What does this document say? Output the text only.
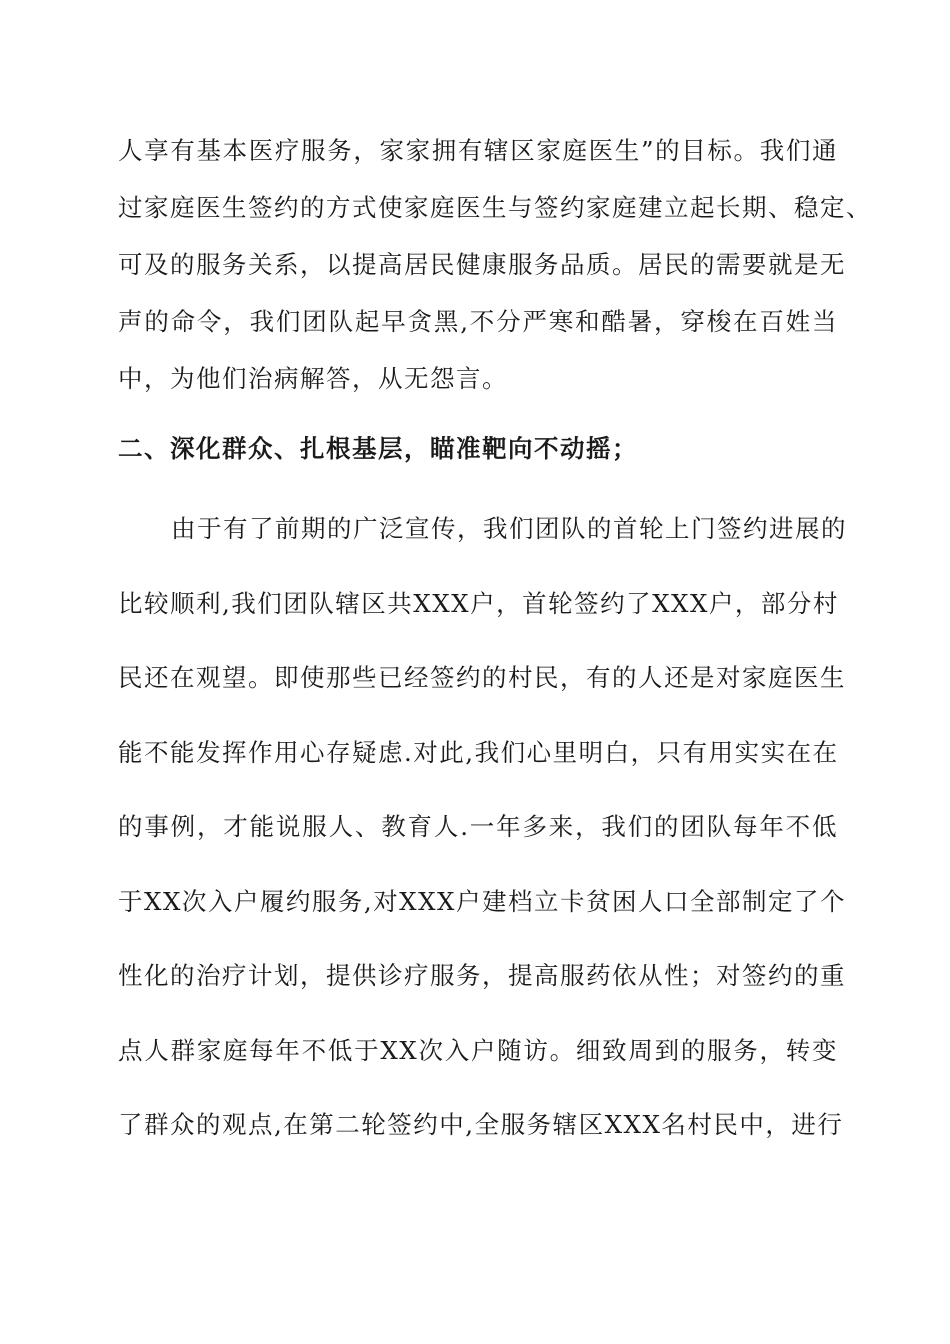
人享有基本医疗服务，家家拥有辖区家庭医生”的目标。我们通
过家庭医生签约的方式使家庭医生与签约家庭建立起长期、稳定、
可及的服务关系，以提高居民健康服务品质。居民的需要就是无
声的命令，我们团队起早贪黑,不分严寒和酷暑，穿梭在百姓当
中，为他们治病解答，从无怨言。
二、深化群众、扎根基层，瞄准靶向不动摇；
由于有了前期的广泛宣传，我们团队的首轮上门签约进展的
比较顺利,我们团队辖区共XXX户，首轮签约了XXX户，部分村
民还在观望。即使那些已经签约的村民，有的人还是对家庭医生
能不能发挥作用心存疑虑.对此,我们心里明白，只有用实实在在
的事例，才能说服人、教育人.一年多来，我们的团队每年不低
于XX次入户履约服务,对XXX户建档立卡贫困人口全部制定了个
性化的治疗计划，提供诊疗服务，提高服药依从性；对签约的重
点人群家庭每年不低于XX次入户随访。细致周到的服务，转变
了群众的观点,在第二轮签约中,全服务辖区XXX名村民中，进行
